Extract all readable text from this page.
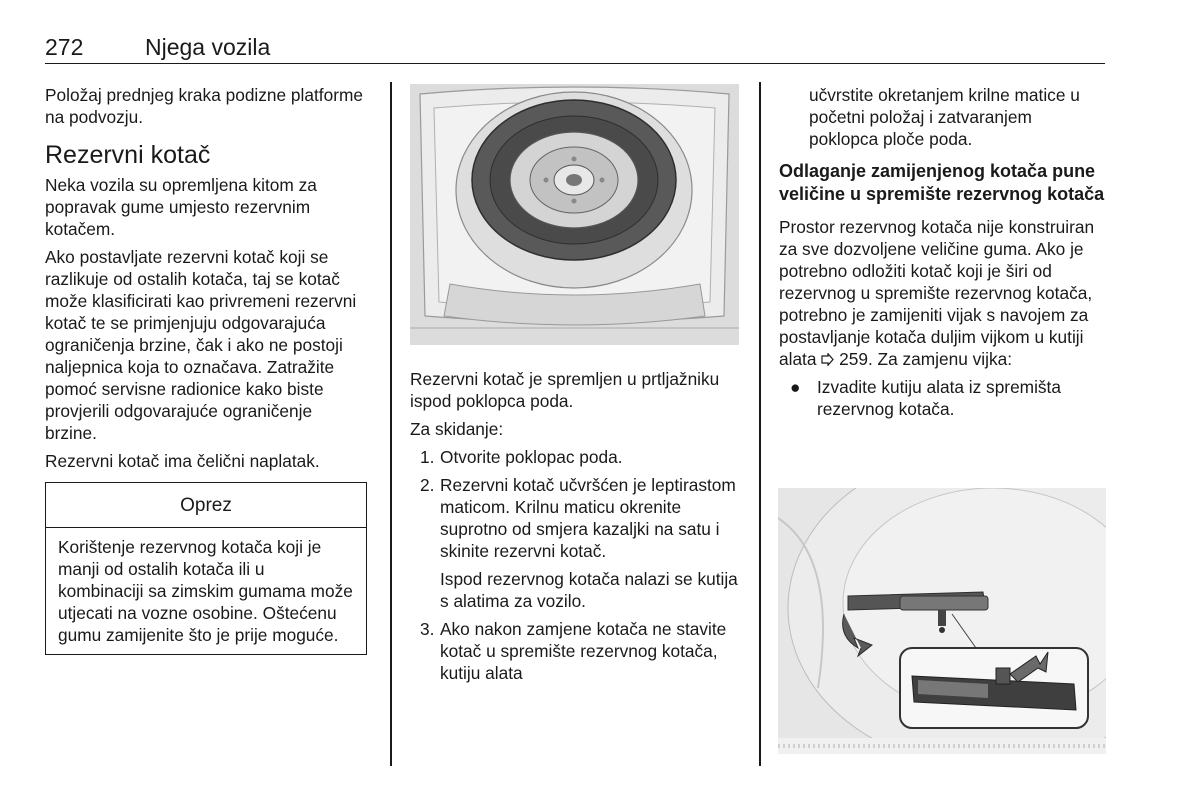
272	Njega vozila

Položaj prednjeg kraka podizne platforme na podvozju.

Rezervni kotač

Neka vozila su opremljena kitom za popravak gume umjesto rezervnim kotačem.

Ako postavljate rezervni kotač koji se razlikuje od ostalih kotača, taj se kotač može klasificirati kao privremeni rezervni kotač te se primjenjuju odgovarajuća ograničenja brzine, čak i ako ne postoji naljepnica koja to označava. Zatražite pomoć servisne radionice kako biste provjerili odgovarajuće ograničenje brzine.

Rezervni kotač ima čelični naplatak.

Oprez
Korištenje rezervnog kotača koji je manji od ostalih kotača ili u kombinaciji sa zimskim gumama može utjecati na vozne osobine. Oštećenu gumu zamijenite što je prije moguće.

Rezervni kotač je spremljen u prtljažniku ispod poklopca poda.

Za skidanje:

1. Otvorite poklopac poda.

2. Rezervni kotač učvršćen je leptirastom maticom. Krilnu maticu okrenite suprotno od smjera kazaljki na satu i skinite rezervni kotač.

Ispod rezervnog kotača nalazi se kutija s alatima za vozilo.

3. Ako nakon zamjene kotača ne stavite kotač u spremište rezervnog kotača, kutiju alata

učvrstite okretanjem krilne matice u početni položaj i zatvaranjem poklopca ploče poda.

Odlaganje zamijenjenog kotača pune veličine u spremište rezervnog kotača

Prostor rezervnog kotača nije konstruiran za sve dozvoljene veličine guma. Ako je potrebno odložiti kotač koji je širi od rezervnog u spremište rezervnog kotača, potrebno je zamijeniti vijak s navojem za postavljanje kotača duljim vijkom u kutiji alata 259. Za zamjenu vijka:

● Izvadite kutiju alata iz spremišta rezervnog kotača.
